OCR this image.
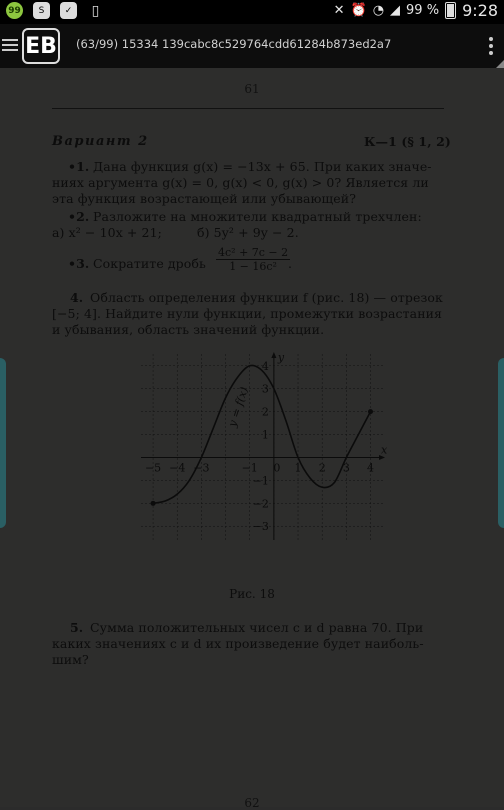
99	S	✓	▯	✕ ⏰ ◔ ◢ 99 % 9:28
EB (63/99) 15334 139cabc8c529764cdd61284b873ed2a7
61
Вариант 2	К—1 (§ 1, 2)
•1. Дана функция g(x) = −13x + 65. При каких значе-
ниях аргумента g(x) = 0, g(x) < 0, g(x) > 0? Является ли
эта функция возрастающей или убывающей?
•2. Разложите на множители квадратный трехчлен:
а) x² − 10x + 21;	б) 5y² + 9y − 2.
•3. Сократите дробь $\frac{\text{4c² + 7c − 2}}{\text{1 − 16c²}}$
.
4. Область определения функции f (рис. 18) — отрезок
[−5; 4]. Найдите нули функции, промежутки возрастания
и убывания, область значений функции.
−5 −4 −3	−1 0 1 2 3 4
4
3
2
1
−1
−2
−3
x
y
y = f(x)
Рис. 18
5. Сумма положительных чисел c и d равна 70. При
каких значениях c и d их произведение будет наиболь-
шим?
62
